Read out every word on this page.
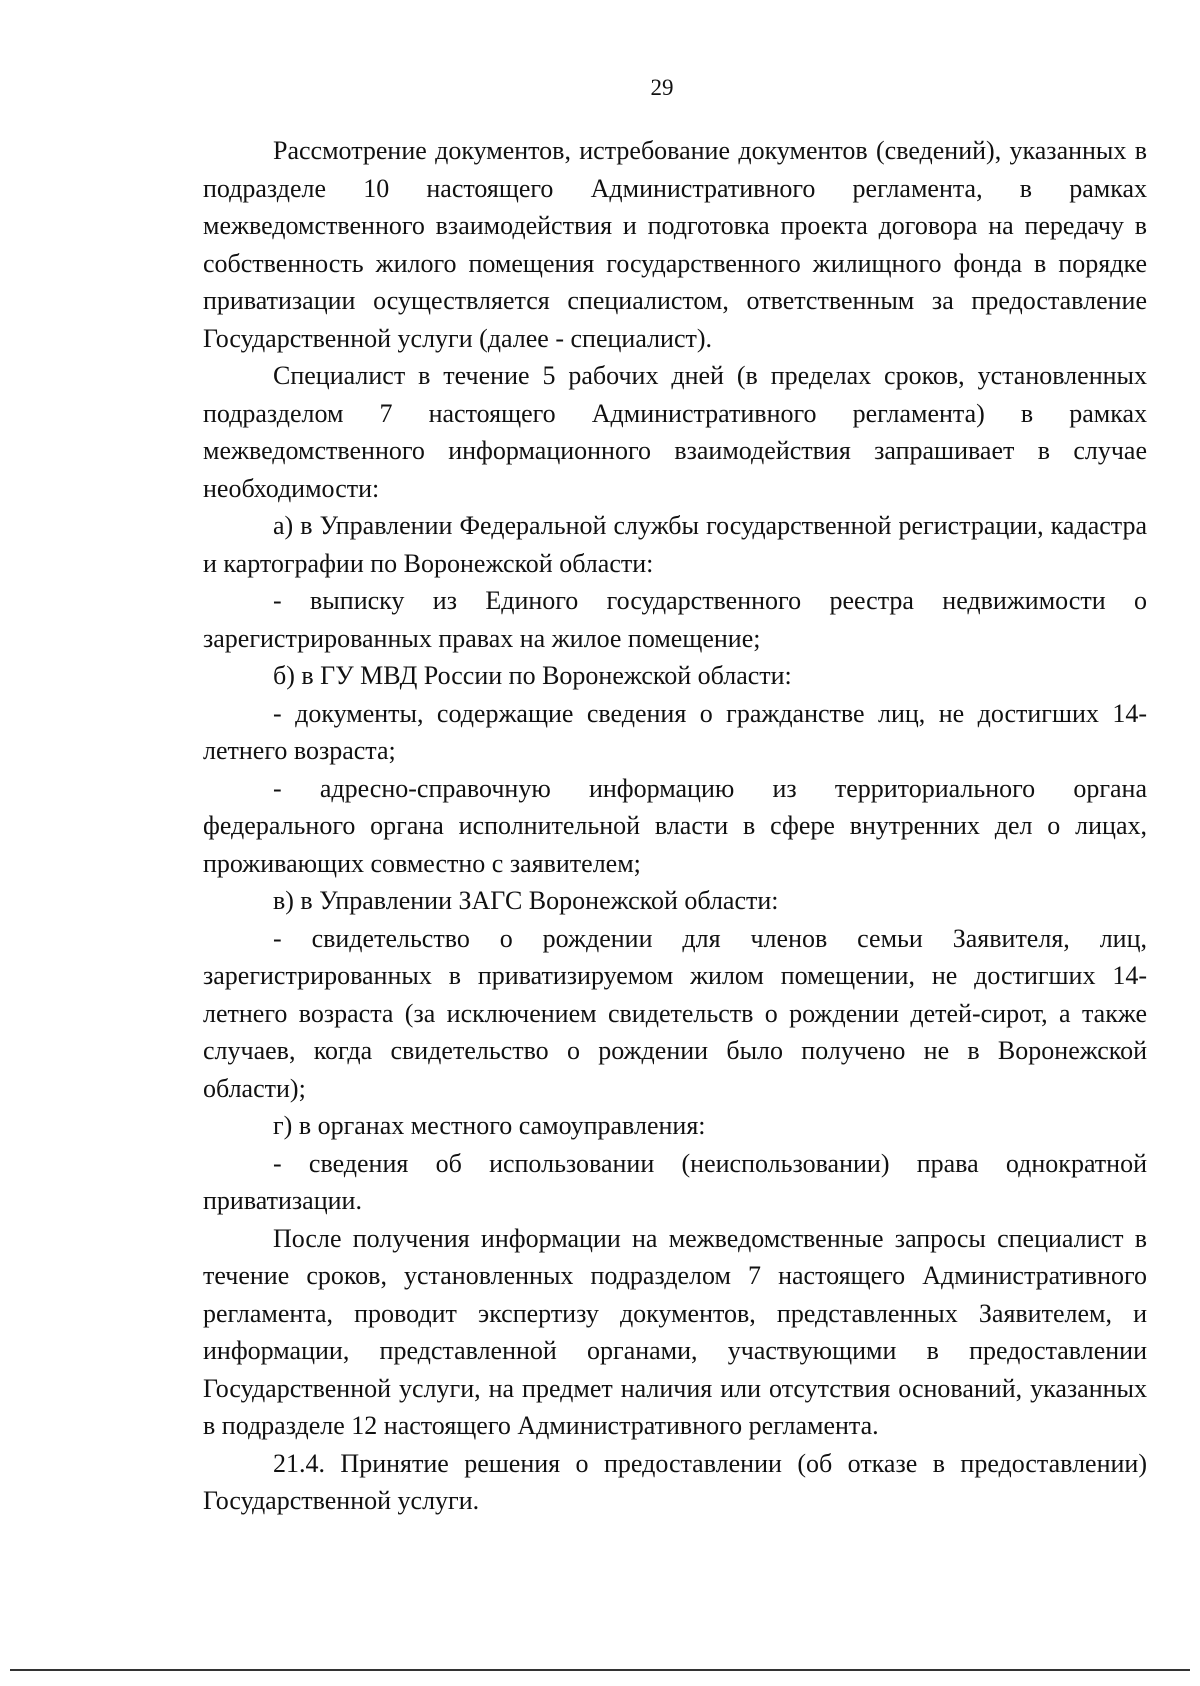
29

Рассмотрение документов, истребование документов (сведений), указанных в подразделе 10 настоящего Административного регламента, в рамках межведомственного взаимодействия и подготовка проекта договора на передачу в собственность жилого помещения государственного жилищного фонда в порядке приватизации осуществляется специалистом, ответственным за предоставление Государственной услуги (далее - специалист).

Специалист в течение 5 рабочих дней (в пределах сроков, установленных подразделом 7 настоящего Административного регламента) в рамках межведомственного информационного взаимодействия запрашивает в случае необходимости:

а) в Управлении Федеральной службы государственной регистрации, кадастра и картографии по Воронежской области:

- выписку из Единого государственного реестра недвижимости о зарегистрированных правах на жилое помещение;

б) в ГУ МВД России по Воронежской области:

- документы, содержащие сведения о гражданстве лиц, не достигших 14-летнего возраста;

- адресно-справочную информацию из территориального органа федерального органа исполнительной власти в сфере внутренних дел о лицах, проживающих совместно с заявителем;

в) в Управлении ЗАГС Воронежской области:

- свидетельство о рождении для членов семьи Заявителя, лиц, зарегистрированных в приватизируемом жилом помещении, не достигших 14-летнего возраста (за исключением свидетельств о рождении детей-сирот, а также случаев, когда свидетельство о рождении было получено не в Воронежской области);

г) в органах местного самоуправления:

- сведения об использовании (неиспользовании) права однократной приватизации.

После получения информации на межведомственные запросы специалист в течение сроков, установленных подразделом 7 настоящего Административного регламента, проводит экспертизу документов, представленных Заявителем, и информации, представленной органами, участвующими в предоставлении Государственной услуги, на предмет наличия или отсутствия оснований, указанных в подразделе 12 настоящего Административного регламента.

21.4. Принятие решения о предоставлении (об отказе в предоставлении) Государственной услуги.
